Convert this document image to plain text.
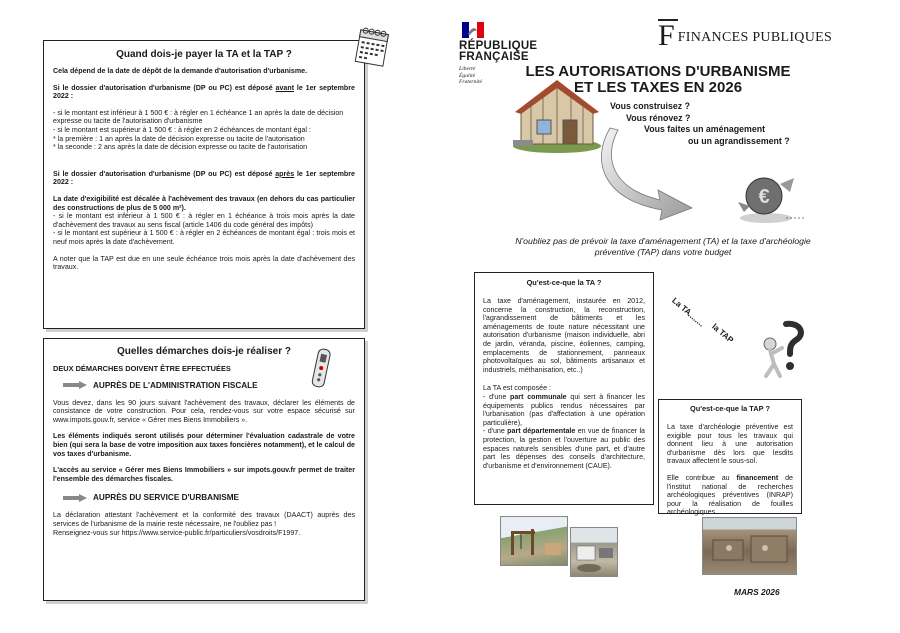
Quand dois-je payer la TA et la TAP ?
Cela dépend de la date de dépôt de la demande d'autorisation d'urbanisme.
Si le dossier d'autorisation d'urbanisme (DP ou PC) est déposé avant le 1er septembre 2022 :
- si le montant est inférieur à 1 500 € : à régler en 1 échéance 1 an après la date de décision expresse ou tacite de l'autorisation d'urbanisme
- si le montant est supérieur à 1 500 € : à régler en 2 échéances de montant égal :
* la première : 1 an après la date de décision expresse ou tacite de l'autorisation
* la seconde : 2 ans après la date de décision expresse ou tacite de l'autorisation
Si le dossier d'autorisation d'urbanisme (DP ou PC) est déposé après le 1er septembre 2022 :
La date d'exigibilité est décalée à l'achèvement des travaux (en dehors du cas particulier des constructions de plus de 5 000 m²).
- si le montant est inférieur à 1 500 € : à régler en 1 échéance à trois mois après la date d'achèvement des travaux au sens fiscal (article 1406 du code général des impôts)
- si le montant est supérieur à 1 500 € : à régler en 2 échéances de montant égal : trois mois et neuf mois après la date d'achèvement.
A noter que la TAP est due en une seule échéance trois mois après la date d'achèvement des travaux.
Quelles démarches dois-je réaliser ?
DEUX DÉMARCHES DOIVENT ÊTRE EFFECTUÉES
AUPRÈS DE L'ADMINISTRATION FISCALE
Vous devez, dans les 90 jours suivant l'achèvement des travaux, déclarer les éléments de consistance de votre construction. Pour cela, rendez-vous sur votre espace sécurisé sur www.impots.gouv.fr, service « Gérer mes Biens Immobiliers ».
Les éléments indiqués seront utilisés pour déterminer l'évaluation cadastrale de votre bien (qui sera la base de votre imposition aux taxes foncières notamment), et le calcul de vos taxes d'urbanisme.
L'accès au service « Gérer mes Biens Immobiliers » sur impots.gouv.fr permet de traiter l'ensemble des démarches fiscales.
AUPRÈS DU SERVICE D'URBANISME
La déclaration attestant l'achèvement et la conformité des travaux (DAACT) auprès des services de l'urbanisme de la mairie reste nécessaire, ne l'oubliez pas !
Renseignez-vous sur https://www.service-public.fr/particuliers/vosdroits/F1997.
RÉPUBLIQUE
FRANÇAISE
Liberté
Égalité
Fraternité
F FINANCES PUBLIQUES
LES AUTORISATIONS D'URBANISME
ET LES TAXES EN 2026
Vous construisez ?
Vous rénovez ?
Vous faites un aménagement
ou un agrandissement ?
€
N'oubliez pas de prévoir la taxe d'aménagement (TA) et la taxe d'archéologie préventive (TAP) dans votre budget
Qu'est-ce-que la TA ?
La taxe d'aménagement, instaurée en 2012, concerne la construction, la reconstruction, l'agrandissement de bâtiments et les aménagements de toute nature nécessitant une autorisation d'urbanisme (maison individuelle, abri de jardin, véranda, piscine, éoliennes, camping, emplacements de stationnement, panneaux photovoltaïques au sol, bâtiments artisanaux et industriels, méthanisation, etc..)
La TA est composée :
- d'une part communale qui sert à financer les équipements publics rendus nécessaires par l'urbanisation (pas d'affectation à une opération particulière),
- d'une part départementale en vue de financer la protection, la gestion et l'ouverture au public des espaces naturels sensibles d'une part, et d'autre part les dépenses des conseils d'architecture, d'urbanisme et d'environnement (CAUE).
La TA
........
la TAP
Qu'est-ce-que la TAP ?
La taxe d'archéologie préventive est exigible pour tous les travaux qui donnent lieu à une autorisation d'urbanisme dès lors que lesdits travaux affectent le sous-sol.
Elle contribue au financement de l'institut national de recherches archéologiques préventives (INRAP) pour la réalisation de fouilles archéologiques.
MARS 2026
